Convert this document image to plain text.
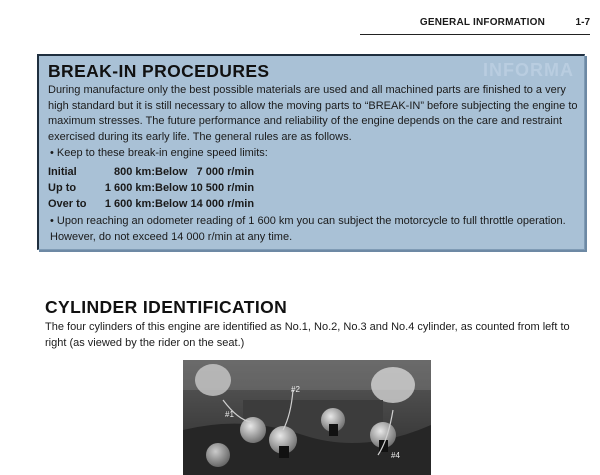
GENERAL INFORMATION	1-7
INFORMA
BREAK-IN PROCEDURES

During manufacture only the best possible materials are used and all machined parts are finished to a very high standard but it is still necessary to allow the moving parts to “BREAK-IN” before subjecting the engine to maximum stresses. The future performance and reliability of the engine depends on the care and restraint exercised during its early life. The general rules are as follows.

• Keep to these break-in engine speed limits:

Initial	800 km: Below   7 000 r/min
Up to	1 600 km: Below 10 500 r/min
Over to	1 600 km: Below 14 000 r/min

• Upon reaching an odometer reading of 1 600 km you can subject the motorcycle to full throttle operation. However, do not exceed 14 000 r/min at any time.

CYLINDER IDENTIFICATION

The four cylinders of this engine are identified as No.1, No.2, No.3 and No.4 cylinder, as counted from left to right (as viewed by the rider on the seat.)

#1
#2
#4
